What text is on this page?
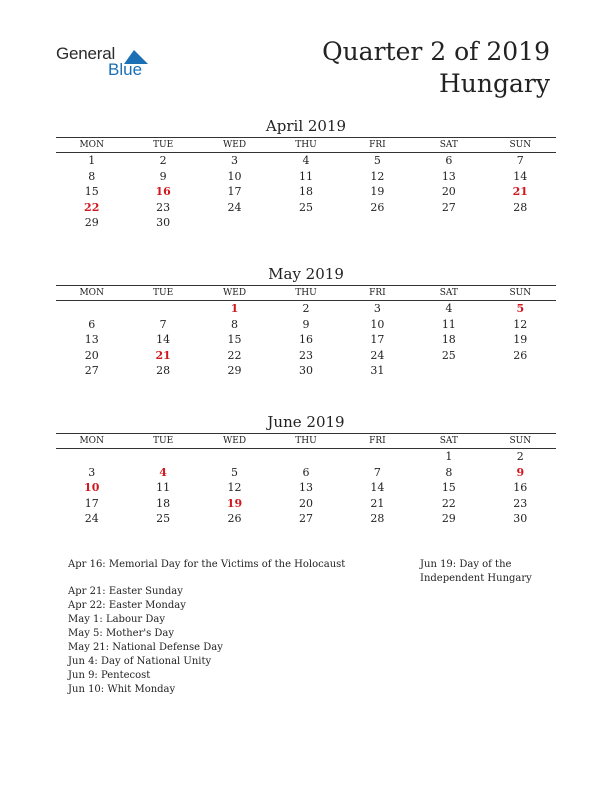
General
Blue
Quarter 2 of 2019
Hungary
April 2019
MON	TUE	WED	THU	FRI	SAT	SUN
1	2	3	4	5	6	7
8	9	10	11	12	13	14
15	16	17	18	19	20	21
22	23	24	25	26	27	28
29	30					
May 2019
MON	TUE	WED	THU	FRI	SAT	SUN
		1	2	3	4	5
6	7	8	9	10	11	12
13	14	15	16	17	18	19
20	21	22	23	24	25	26
27	28	29	30	31		
June 2019
MON	TUE	WED	THU	FRI	SAT	SUN
					1	2
3	4	5	6	7	8	9
10	11	12	13	14	15	16
17	18	19	20	21	22	23
24	25	26	27	28	29	30
Apr 16: Memorial Day for the Victims of the Holocaust
Apr 21: Easter Sunday
Apr 22: Easter Monday
May 1: Labour Day
May 5: Mother's Day
May 21: National Defense Day
Jun 4: Day of National Unity
Jun 9: Pentecost
Jun 10: Whit Monday
Jun 19: Day of the
Independent Hungary
